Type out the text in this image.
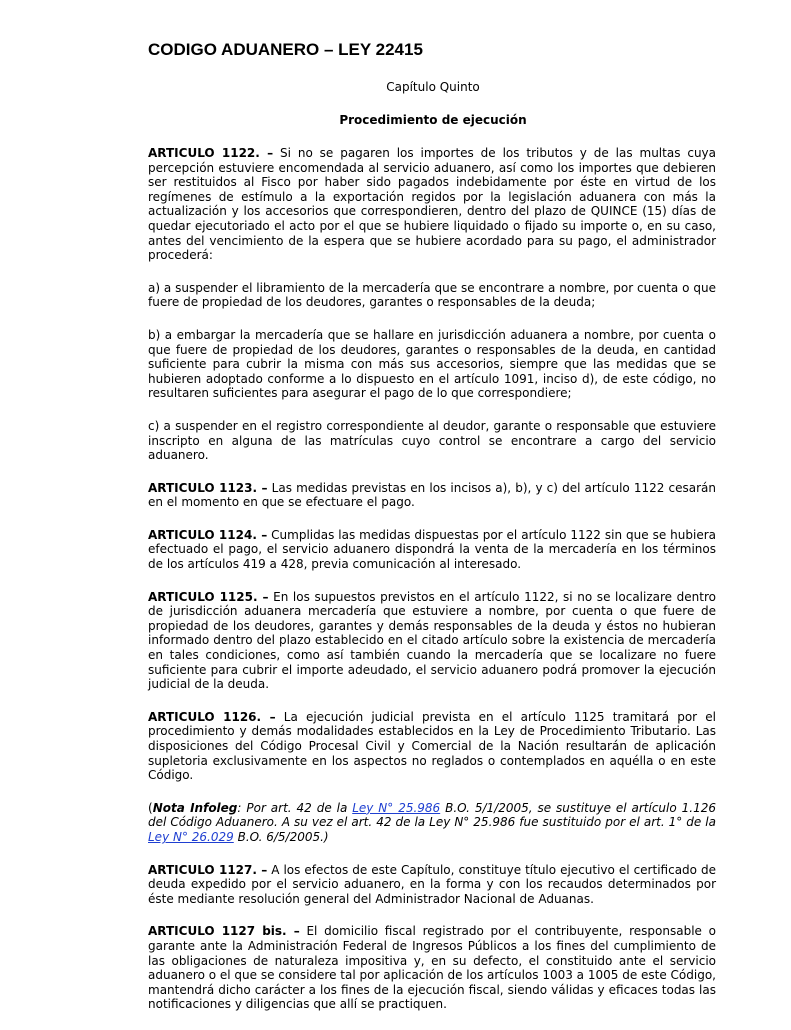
CODIGO ADUANERO – LEY 22415
Capítulo Quinto
Procedimiento de ejecución

ARTICULO 1122. – Si no se pagaren los importes de los tributos y de las multas cuya percepción estuviere encomendada al servicio aduanero, así como los importes que debieren ser restituidos al Fisco por haber sido pagados indebidamente por éste en virtud de los regímenes de estímulo a la exportación regidos por la legislación aduanera con más la actualización y los accesorios que correspondieren, dentro del plazo de QUINCE (15) días de quedar ejecutoriado el acto por el que se hubiere liquidado o fijado su importe o, en su caso, antes del vencimiento de la espera que se hubiere acordado para su pago, el administrador procederá:

a) a suspender el libramiento de la mercadería que se encontrare a nombre, por cuenta o que fuere de propiedad de los deudores, garantes o responsables de la deuda;

b) a embargar la mercadería que se hallare en jurisdicción aduanera a nombre, por cuenta o que fuere de propiedad de los deudores, garantes o responsables de la deuda, en cantidad suficiente para cubrir la misma con más sus accesorios, siempre que las medidas que se hubieren adoptado conforme a lo dispuesto en el artículo 1091, inciso d), de este código, no resultaren suficientes para asegurar el pago de lo que correspondiere;

c) a suspender en el registro correspondiente al deudor, garante o responsable que estuviere inscripto en alguna de las matrículas cuyo control se encontrare a cargo del servicio aduanero.

ARTICULO 1123. – Las medidas previstas en los incisos a), b), y c) del artículo 1122 cesarán en el momento en que se efectuare el pago.

ARTICULO 1124. – Cumplidas las medidas dispuestas por el artículo 1122 sin que se hubiera efectuado el pago, el servicio aduanero dispondrá la venta de la mercadería en los términos de los artículos 419 a 428, previa comunicación al interesado.

ARTICULO 1125. – En los supuestos previstos en el artículo 1122, si no se localizare dentro de jurisdicción aduanera mercadería que estuviere a nombre, por cuenta o que fuere de propiedad de los deudores, garantes y demás responsables de la deuda y éstos no hubieran informado dentro del plazo establecido en el citado artículo sobre la existencia de mercadería en tales condiciones, como así también cuando la mercadería que se localizare no fuere suficiente para cubrir el importe adeudado, el servicio aduanero podrá promover la ejecución judicial de la deuda.

ARTICULO 1126. – La ejecución judicial prevista en el artículo 1125 tramitará por el procedimiento y demás modalidades establecidos en la Ley de Procedimiento Tributario. Las disposiciones del Código Procesal Civil y Comercial de la Nación resultarán de aplicación supletoria exclusivamente en los aspectos no reglados o contemplados en aquélla o en este Código.

(Nota Infoleg: Por art. 42 de la Ley N° 25.986 B.O. 5/1/2005, se sustituye el artículo 1.126 del Código Aduanero. A su vez el art. 42 de la Ley N° 25.986 fue sustituido por el art. 1° de la Ley N° 26.029 B.O. 6/5/2005.)

ARTICULO 1127. – A los efectos de este Capítulo, constituye título ejecutivo el certificado de deuda expedido por el servicio aduanero, en la forma y con los recaudos determinados por éste mediante resolución general del Administrador Nacional de Aduanas.

ARTICULO 1127 bis. – El domicilio fiscal registrado por el contribuyente, responsable o garante ante la Administración Federal de Ingresos Públicos a los fines del cumplimiento de las obligaciones de naturaleza impositiva y, en su defecto, el constituido ante el servicio aduanero o el que se considere tal por aplicación de los artículos 1003 a 1005 de este Código, mantendrá dicho carácter a los fines de la ejecución fiscal, siendo válidas y eficaces todas las notificaciones y diligencias que allí se practiquen.
